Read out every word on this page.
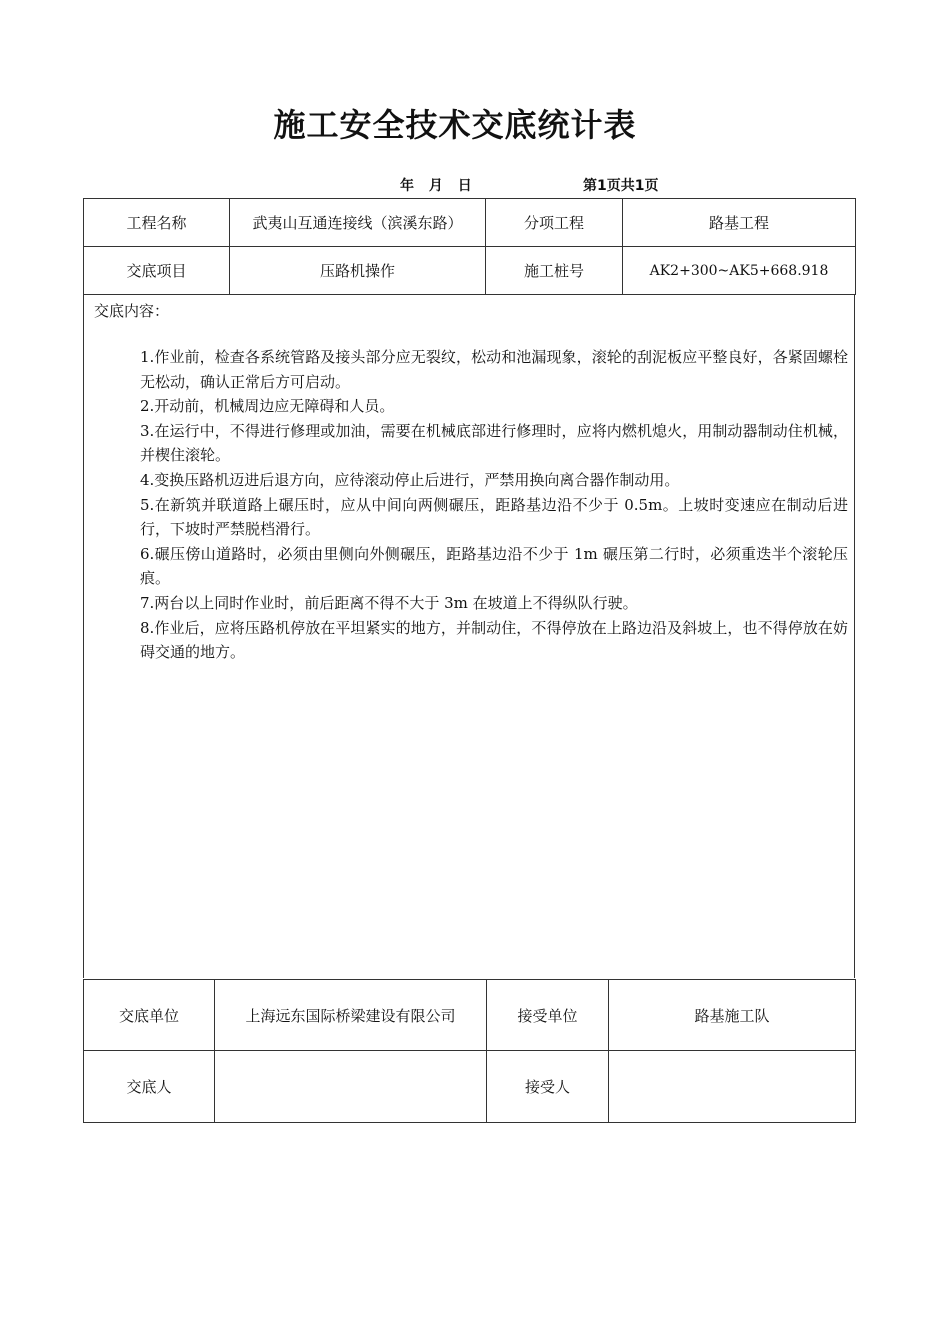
施工安全技术交底统计表
年 月 日	第1页共1页
工程名称	武夷山互通连接线（滨溪东路）	分项工程	路基工程
交底项目	压路机操作	施工桩号	AK2+300~AK5+668.918
交底内容：
1.作业前，检查各系统管路及接头部分应无裂纹，松动和池漏现象，滚轮的刮泥板应平整良好，各紧固螺栓无松动，确认正常后方可启动。
2.开动前，机械周边应无障碍和人员。
3.在运行中，不得进行修理或加油，需要在机械底部进行修理时，应将内燃机熄火，用制动器制动住机械，并楔住滚轮。
4.变换压路机迈进后退方向，应待滚动停止后进行，严禁用换向离合器作制动用。
5.在新筑并联道路上碾压时，应从中间向两侧碾压，距路基边沿不少于 0.5m。上坡时变速应在制动后进行，下坡时严禁脱档滑行。
6.碾压傍山道路时，必须由里侧向外侧碾压，距路基边沿不少于 1m 碾压第二行时，必须重迭半个滚轮压痕。
7.两台以上同时作业时，前后距离不得不大于 3m 在坡道上不得纵队行驶。
8.作业后，应将压路机停放在平坦紧实的地方，并制动住，不得停放在上路边沿及斜坡上，也不得停放在妨碍交通的地方。
交底单位	上海远东国际桥梁建设有限公司	接受单位	路基施工队
交底人		接受人	
